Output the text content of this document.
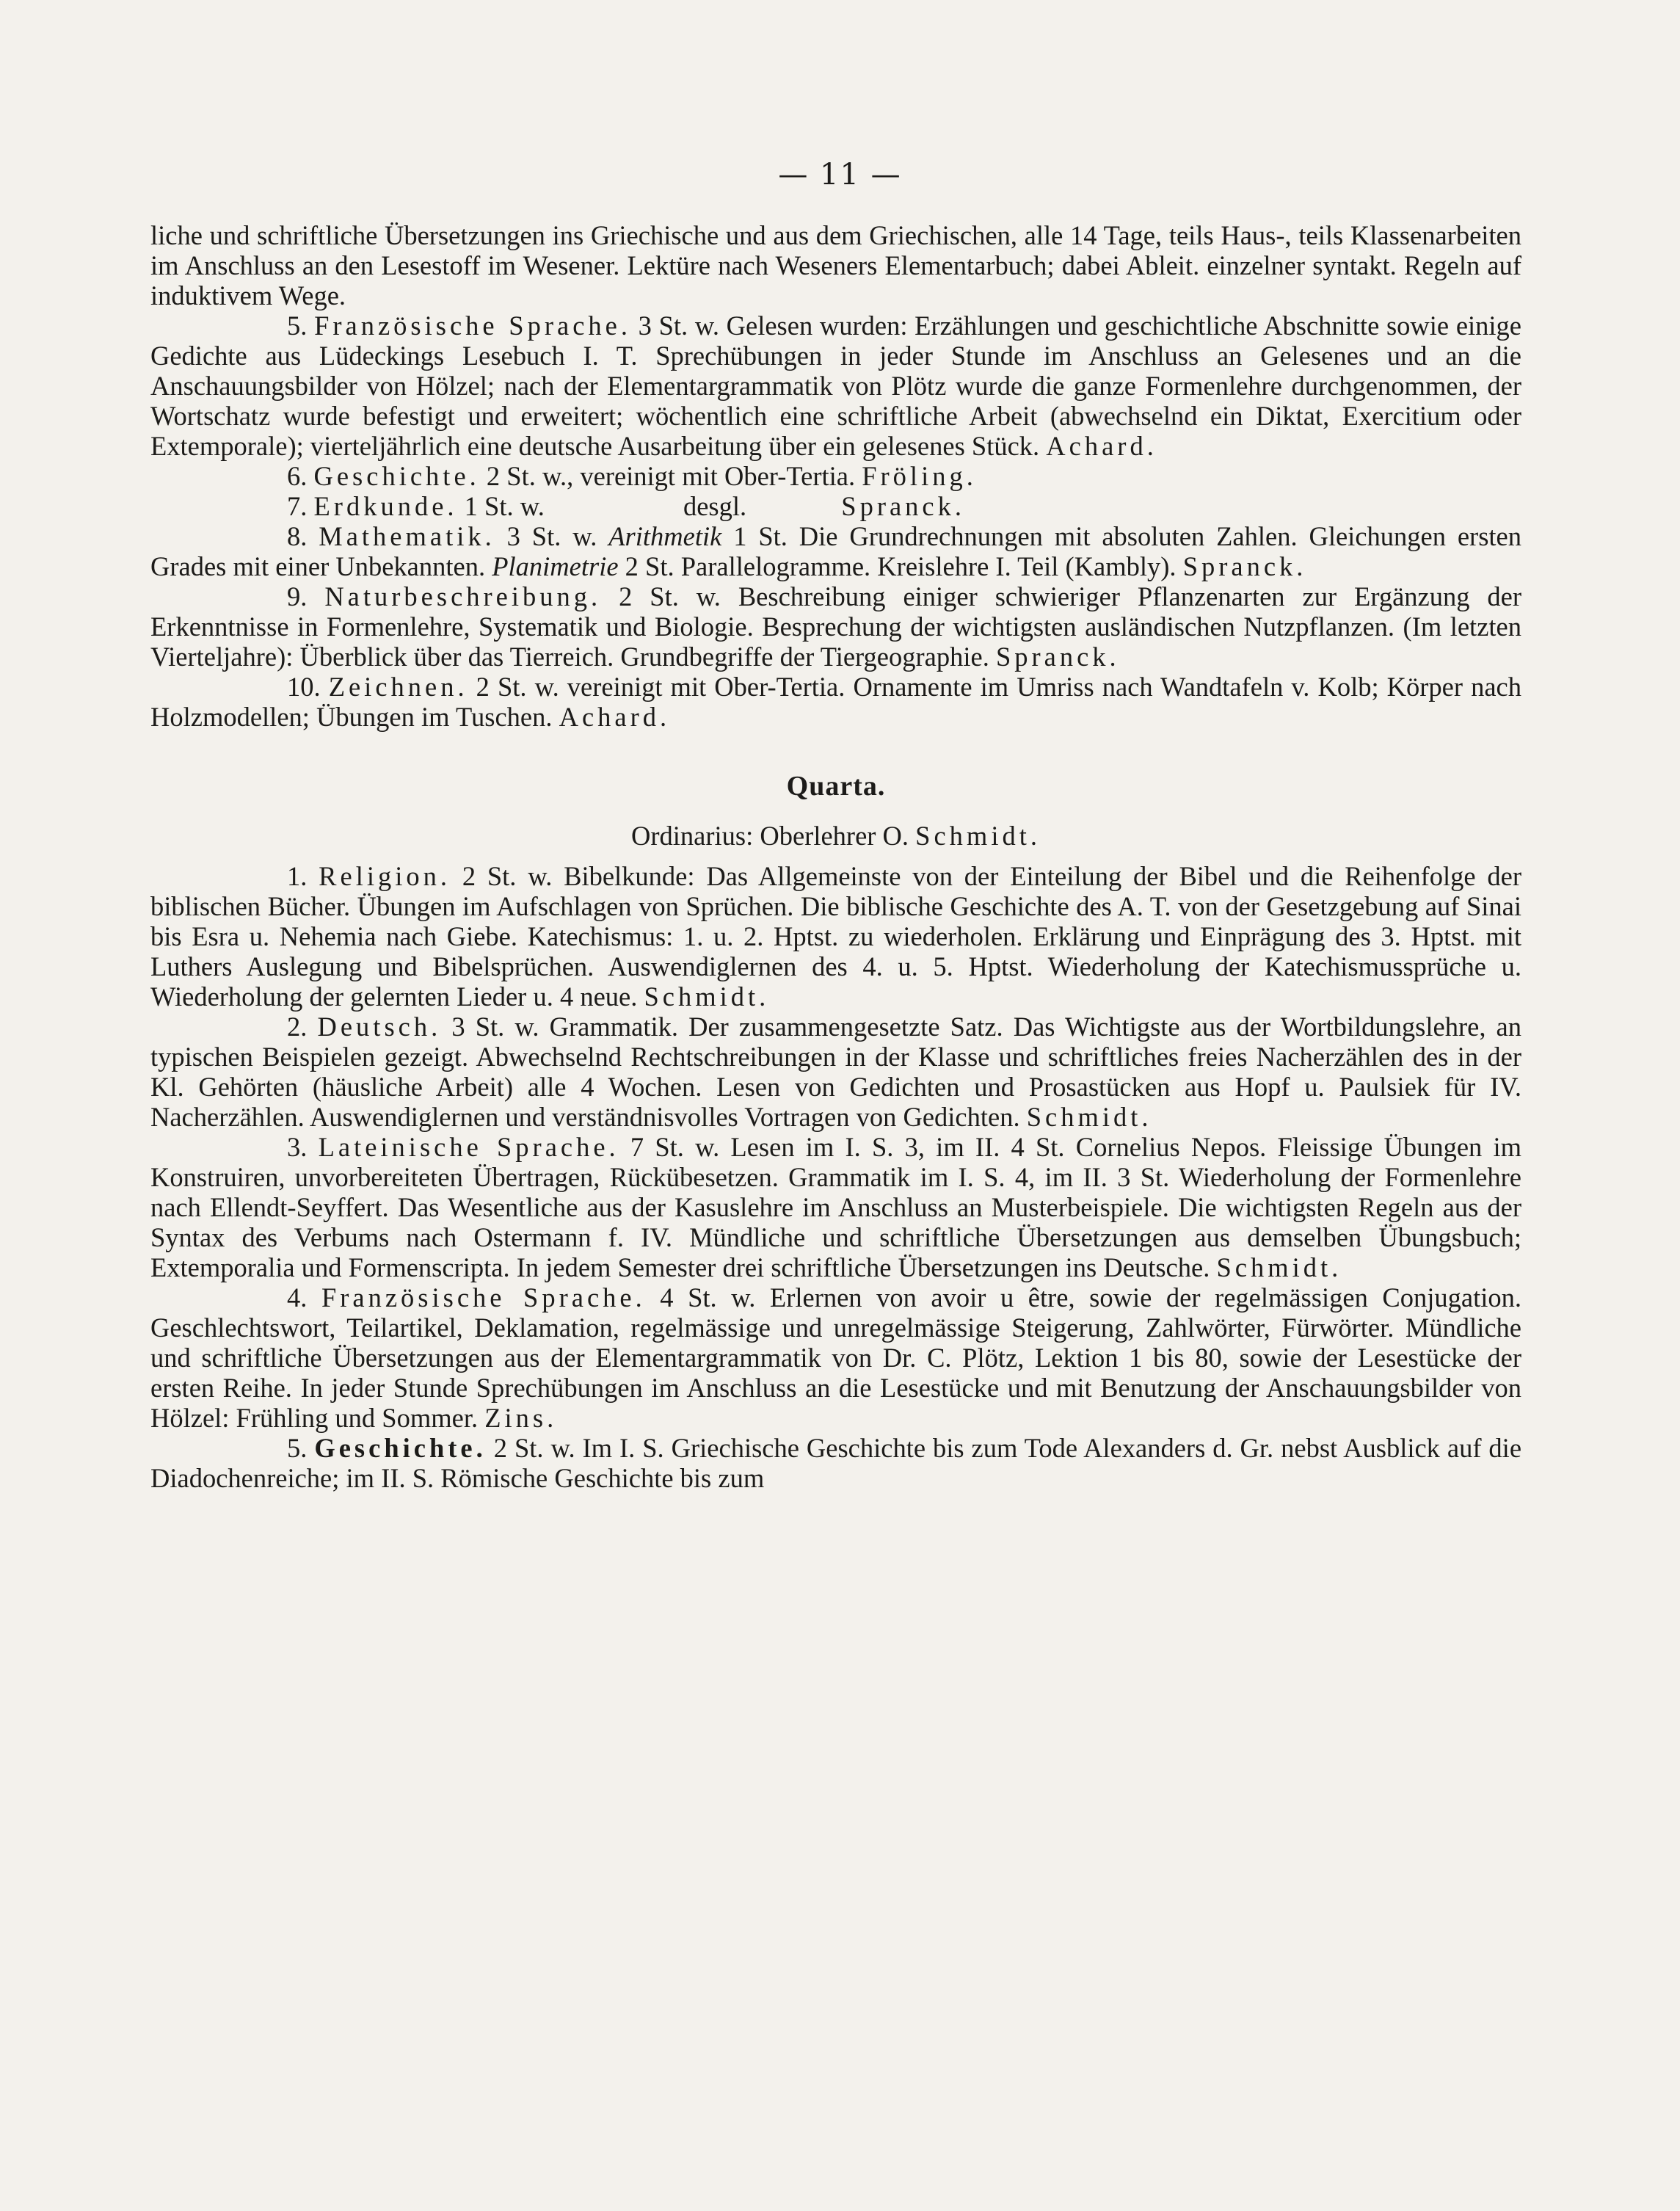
— 11 —

liche und schriftliche Übersetzungen ins Griechische und aus dem Griechischen, alle 14 Tage, teils Haus-, teils Klassenarbeiten im Anschluss an den Lesestoff im Wesener. Lektüre nach Weseners Elementarbuch; dabei Ableit. einzelner syntakt. Regeln auf induktivem Wege.

5. Französische Sprache. 3 St. w. Gelesen wurden: Erzählungen und geschichtliche Abschnitte sowie einige Gedichte aus Lüdeckings Lesebuch I. T. Sprechübungen in jeder Stunde im Anschluss an Gelesenes und an die Anschauungsbilder von Hölzel; nach der Elementargrammatik von Plötz wurde die ganze Formenlehre durchgenommen, der Wortschatz wurde befestigt und erweitert; wöchentlich eine schriftliche Arbeit (abwechselnd ein Diktat, Exercitium oder Extemporale); vierteljährlich eine deutsche Ausarbeitung über ein gelesenes Stück. Achard.

6. Geschichte. 2 St. w., vereinigt mit Ober-Tertia. Fröling.

7. Erdkunde. 1 St. w.	desgl.	Spranck.

8. Mathematik. 3 St. w. Arithmetik 1 St. Die Grundrechnungen mit absoluten Zahlen. Gleichungen ersten Grades mit einer Unbekannten. Planimetrie 2 St. Parallelogramme. Kreislehre I. Teil (Kambly). Spranck.

9. Naturbeschreibung. 2 St. w. Beschreibung einiger schwieriger Pflanzenarten zur Ergänzung der Erkenntnisse in Formenlehre, Systematik und Biologie. Besprechung der wichtigsten ausländischen Nutzpflanzen. (Im letzten Vierteljahre): Überblick über das Tierreich. Grundbegriffe der Tiergeographie. Spranck.

10. Zeichnen. 2 St. w. vereinigt mit Ober-Tertia. Ornamente im Umriss nach Wandtafeln v. Kolb; Körper nach Holzmodellen; Übungen im Tuschen. Achard.

Quarta.
Ordinarius: Oberlehrer O. Schmidt.

1. Religion. 2 St. w. Bibelkunde: Das Allgemeinste von der Einteilung der Bibel und die Reihenfolge der biblischen Bücher. Übungen im Aufschlagen von Sprüchen. Die biblische Geschichte des A. T. von der Gesetzgebung auf Sinai bis Esra u. Nehemia nach Giebe. Katechismus: 1. u. 2. Hptst. zu wiederholen. Erklärung und Einprägung des 3. Hptst. mit Luthers Auslegung und Bibelsprüchen. Auswendiglernen des 4. u. 5. Hptst. Wiederholung der Katechismussprüche u. Wiederholung der gelernten Lieder u. 4 neue. Schmidt.

2. Deutsch. 3 St. w. Grammatik. Der zusammengesetzte Satz. Das Wichtigste aus der Wortbildungslehre, an typischen Beispielen gezeigt. Abwechselnd Rechtschreibungen in der Klasse und schriftliches freies Nacherzählen des in der Kl. Gehörten (häusliche Arbeit) alle 4 Wochen. Lesen von Gedichten und Prosastücken aus Hopf u. Paulsiek für IV. Nacherzählen. Auswendiglernen und verständnisvolles Vortragen von Gedichten. Schmidt.

3. Lateinische Sprache. 7 St. w. Lesen im I. S. 3, im II. 4 St. Cornelius Nepos. Fleissige Übungen im Konstruiren, unvorbereiteten Übertragen, Rückübesetzen. Grammatik im I. S. 4, im II. 3 St. Wiederholung der Formenlehre nach Ellendt-Seyffert. Das Wesentliche aus der Kasuslehre im Anschluss an Musterbeispiele. Die wichtigsten Regeln aus der Syntax des Verbums nach Ostermann f. IV. Mündliche und schriftliche Übersetzungen aus demselben Übungsbuch; Extemporalia und Formenscripta. In jedem Semester drei schriftliche Übersetzungen ins Deutsche. Schmidt.

4. Französische Sprache. 4 St. w. Erlernen von avoir u être, sowie der regelmässigen Conjugation. Geschlechtswort, Teilartikel, Deklamation, regelmässige und unregelmässige Steigerung, Zahlwörter, Fürwörter. Mündliche und schriftliche Übersetzungen aus der Elementargrammatik von Dr. C. Plötz, Lektion 1 bis 80, sowie der Lesestücke der ersten Reihe. In jeder Stunde Sprechübungen im Anschluss an die Lesestücke und mit Benutzung der Anschauungsbilder von Hölzel: Frühling und Sommer. Zins.

5. Geschichte. 2 St. w. Im I. S. Griechische Geschichte bis zum Tode Alexanders d. Gr. nebst Ausblick auf die Diadochenreiche; im II. S. Römische Geschichte bis zum
